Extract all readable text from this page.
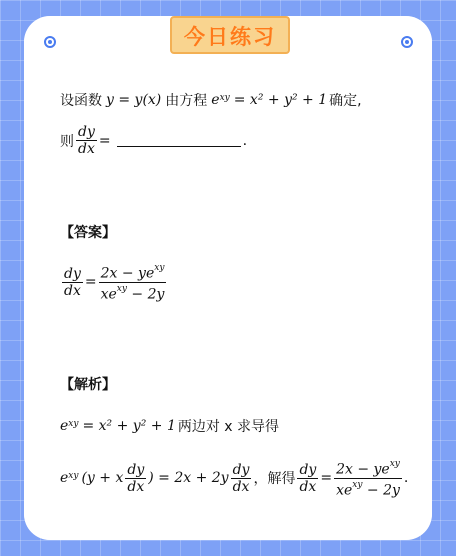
今日练习
设函数 y = y(x) 由方程 $e^{xy} = x^2 + y^2 + 1$ 确定,
则 $\frac{dy}{dx}$ =	.
【答案】
$\frac{dy}{dx} = \frac{2x - ye^{xy}}{xe^{xy} - 2y}$
【解析】
$e^{xy} = x^2 + y^2 + 1$ 两边对 x 求导得
$e^{xy}$ (y + x $\frac{dy}{dx}$ ) = $2x + 2y \frac{dy}{dx}$ ，解得 $\frac{dy}{dx} = \frac{2x - ye^{xy}}{xe^{xy} - 2y}$ .
